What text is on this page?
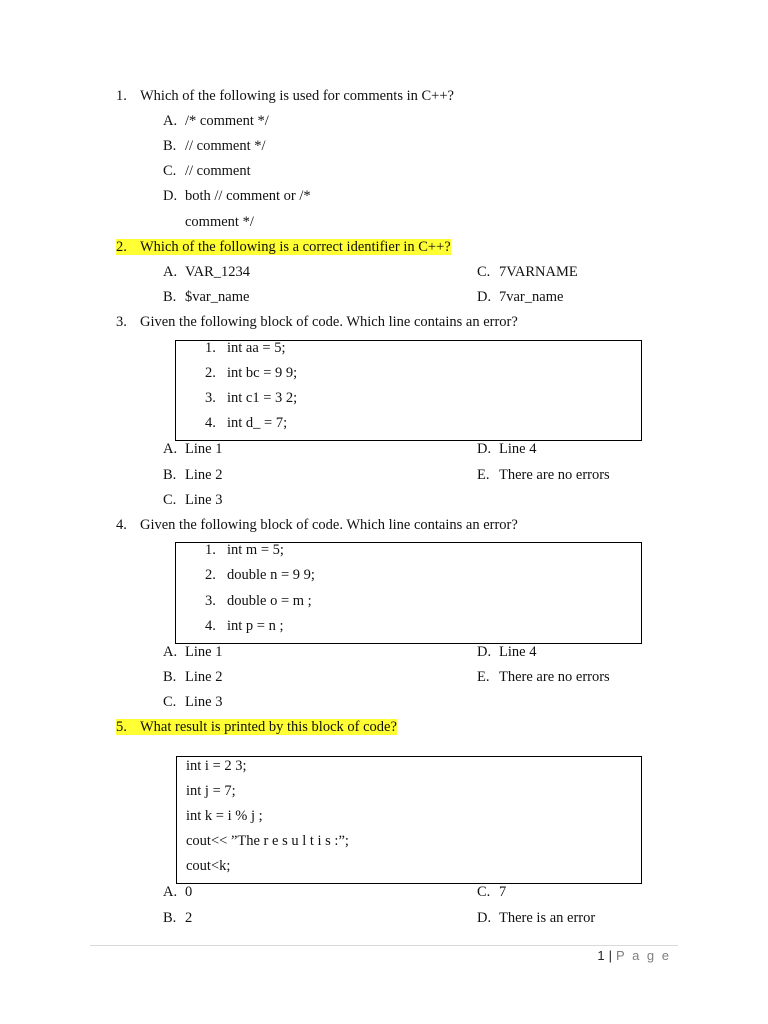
1. Which of the following is used for comments in C++?
A. /* comment */
B. // comment */
C. // comment
D. both // comment or /*
comment */
2. Which of the following is a correct identifier in C++?
A. VAR_1234
B. $var_name
C. 7VARNAME
D. 7var_name
3. Given the following block of code. Which line contains an error?
1. int aa = 5;
2. int bc = 9 9;
3. int c1 = 3 2;
4. int d_ = 7;
A. Line 1
B. Line 2
C. Line 3
D. Line 4
E. There are no errors
4. Given the following block of code. Which line contains an error?
1. int m = 5;
2. double n = 9 9;
3. double o = m ;
4. int p = n ;
A. Line 1
B. Line 2
C. Line 3
D. Line 4
E. There are no errors
5. What result is printed by this block of code?
int i = 2 3;
int j = 7;
int k = i % j ;
cout<< ”The r e s u l t i s :”;
cout<k;
A. 0
B. 2
C. 7
D. There is an error
1 | P a g e
